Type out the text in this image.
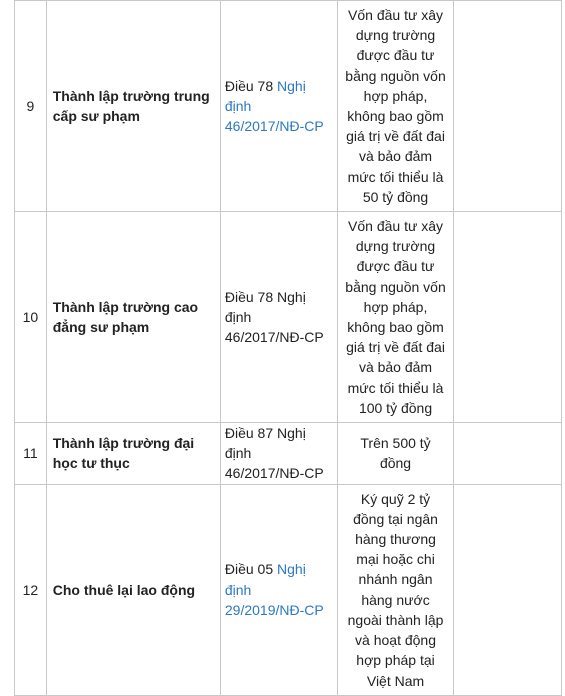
9	Thành lập trường trung cấp sư phạm	Điều 78 Nghị định 46/2017/NĐ-CP	Vốn đầu tư xây dựng trường được đầu tư bằng nguồn vốn hợp pháp, không bao gồm giá trị về đất đai và bảo đảm mức tối thiểu là 50 tỷ đồng	
10	Thành lập trường cao đẳng sư phạm	Điều 78 Nghị định 46/2017/NĐ-CP	Vốn đầu tư xây dựng trường được đầu tư bằng nguồn vốn hợp pháp, không bao gồm giá trị về đất đai và bảo đảm mức tối thiểu là 100 tỷ đồng	
11	Thành lập trường đại học tư thục	Điều 87 Nghị định 46/2017/NĐ-CP	Trên 500 tỷ đồng	
12	Cho thuê lại lao động	Điều 05 Nghị định 29/2019/NĐ-CP	Ký quỹ 2 tỷ đồng tại ngân hàng thương mại hoặc chi nhánh ngân hàng nước ngoài thành lập và hoạt động hợp pháp tại Việt Nam	
